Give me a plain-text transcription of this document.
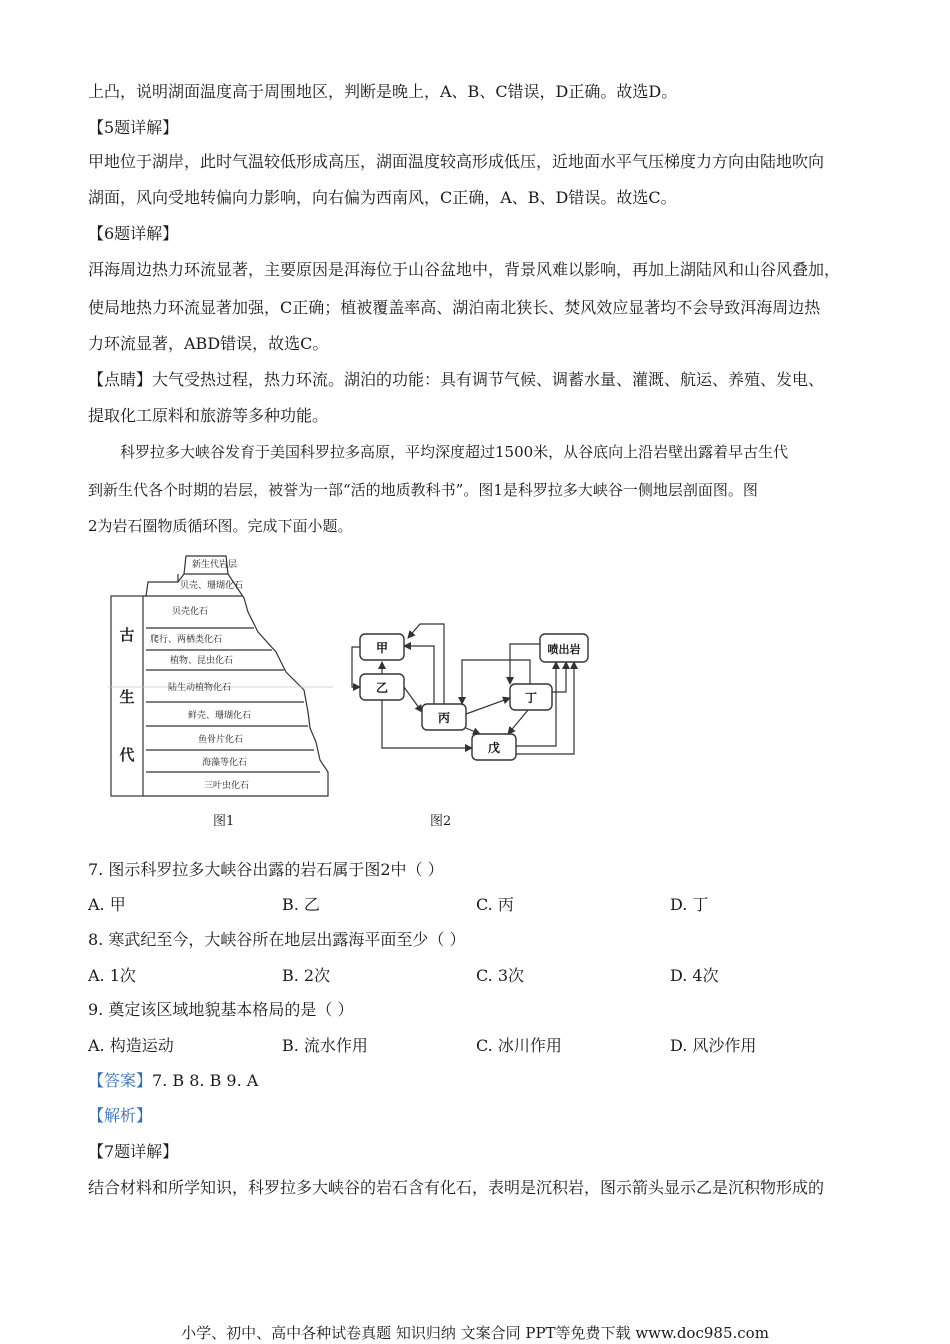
上凸，说明湖面温度高于周围地区，判断是晚上，A、B、C错误，D正确。故选D。
【5题详解】
甲地位于湖岸，此时气温较低形成高压，湖面温度较高形成低压，近地面水平气压梯度力方向由陆地吹向
湖面，风向受地转偏向力影响，向右偏为西南风，C正确，A、B、D错误。故选C。
【6题详解】
洱海周边热力环流显著，主要原因是洱海位于山谷盆地中，背景风难以影响，再加上湖陆风和山谷风叠加，
使局地热力环流显著加强，C正确；植被覆盖率高、湖泊南北狭长、焚风效应显著均不会导致洱海周边热
力环流显著，ABD错误，故选C。
【点睛】大气受热过程，热力环流。湖泊的功能：具有调节气候、调蓄水量、灌溉、航运、养殖、发电、
提取化工原料和旅游等多种功能。
科罗拉多大峡谷发育于美国科罗拉多高原，平均深度超过1500米，从谷底向上沿岩壁出露着早古生代
到新生代各个时期的岩层，被誉为一部“活的地质教科书”。图1是科罗拉多大峡谷一侧地层剖面图。图
2为岩石圈物质循环图。完成下面小题。
古
生
代
新生代岩层
贝壳、珊瑚化石
贝壳化石
爬行、两栖类化石
植物、昆虫化石
陆生动植物化石
鲜壳、珊瑚化石
鱼骨片化石
海藻等化石
三叶虫化石
图1
甲
乙
丙
丁
戊
喷出岩
图2
7. 图示科罗拉多大峡谷出露的岩石属于图2中（ ）
A. 甲	B. 乙	C. 丙	D. 丁
8. 寒武纪至今，大峡谷所在地层出露海平面至少（ ）
A. 1次	B. 2次	C. 3次	D. 4次
9. 奠定该区域地貌基本格局的是（ ）
A. 构造运动	B. 流水作用	C. 冰川作用	D. 风沙作用
【答案】7. B 8. B 9. A
【解析】
【7题详解】
结合材料和所学知识，科罗拉多大峡谷的岩石含有化石，表明是沉积岩，图示箭头显示乙是沉积物形成的
小学、初中、高中各种试卷真题 知识归纳 文案合同 PPT等免费下载 www.doc985.com
